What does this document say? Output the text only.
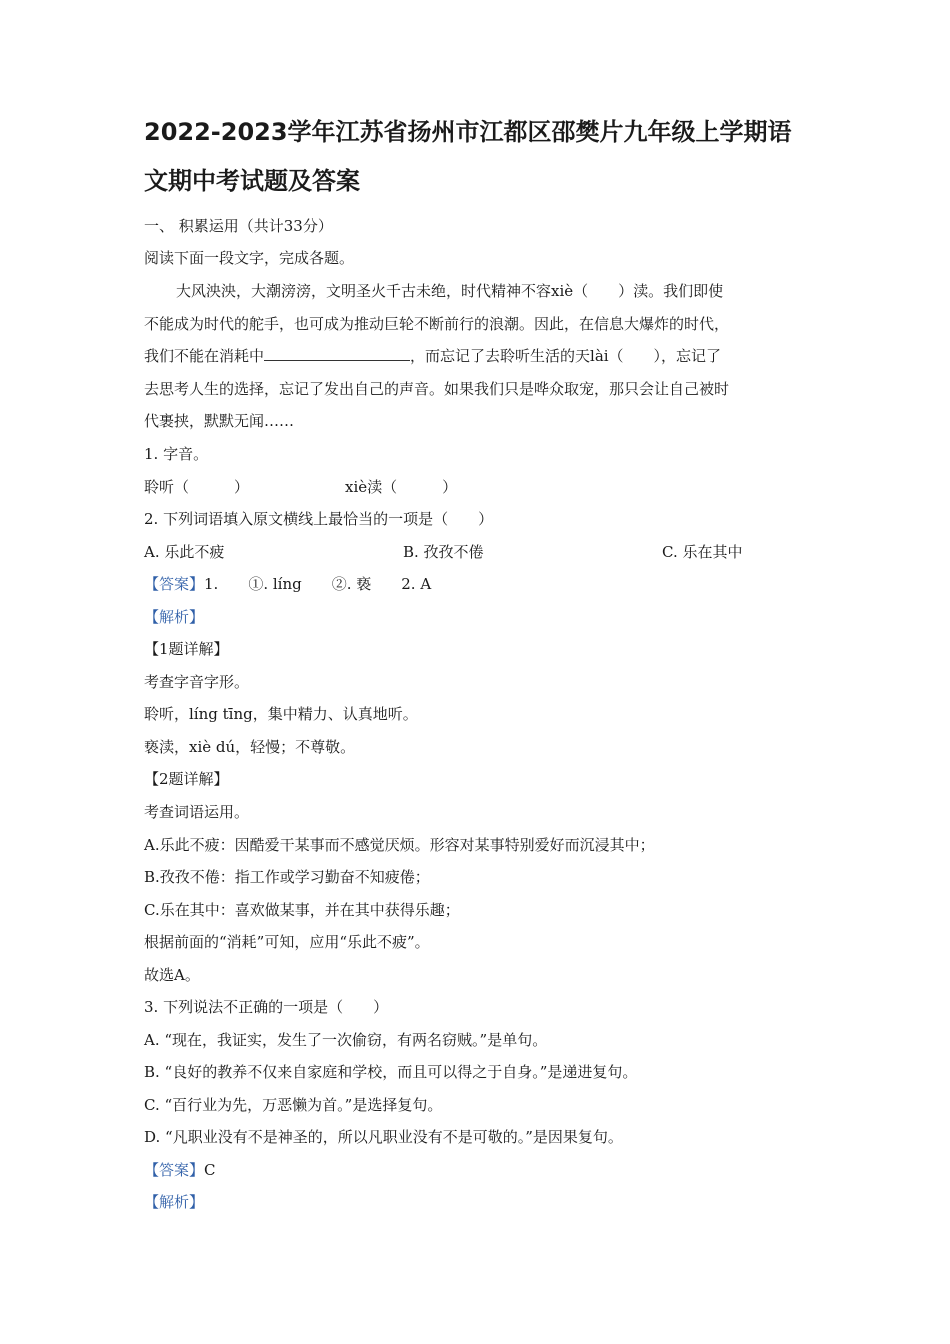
2022-2023学年江苏省扬州市江都区邵樊片九年级上学期语
文期中考试题及答案
一、 积累运用（共计33分）
阅读下面一段文字，完成各题。
大风泱泱，大潮滂滂，文明圣火千古未绝，时代精神不容xiè（　　）渎。我们即使
不能成为时代的舵手，也可成为推动巨轮不断前行的浪潮。因此，在信息大爆炸的时代，
我们不能在消耗中	，而忘记了去聆听生活的天lài（　　），忘记了
去思考人生的选择，忘记了发出自己的声音。如果我们只是哗众取宠，那只会让自己被时
代裹挟，默默无闻……
1. 字音。
聆听（　　　）	xiè渎（　　　）
2. 下列词语填入原文横线上最恰当的一项是（　　）
A. 乐此不疲	B. 孜孜不倦	C. 乐在其中
【答案】1.　　①. líng　　②. 亵　　2. A
【解析】
【1题详解】
考查字音字形。
聆听，líng tīng，集中精力、认真地听。
亵渎，xiè dú，轻慢；不尊敬。
【2题详解】
考查词语运用。
A.乐此不疲：因酷爱干某事而不感觉厌烦。形容对某事特别爱好而沉浸其中；
B.孜孜不倦：指工作或学习勤奋不知疲倦；
C.乐在其中：喜欢做某事，并在其中获得乐趣；
根据前面的“消耗”可知，应用“乐此不疲”。
故选A。
3. 下列说法不正确的一项是（　　）
A. “现在，我证实，发生了一次偷窃，有两名窃贼。”是单句。
B. “良好的教养不仅来自家庭和学校，而且可以得之于自身。”是递进复句。
C. “百行业为先，万恶懒为首。”是选择复句。
D. “凡职业没有不是神圣的，所以凡职业没有不是可敬的。”是因果复句。
【答案】C
【解析】
